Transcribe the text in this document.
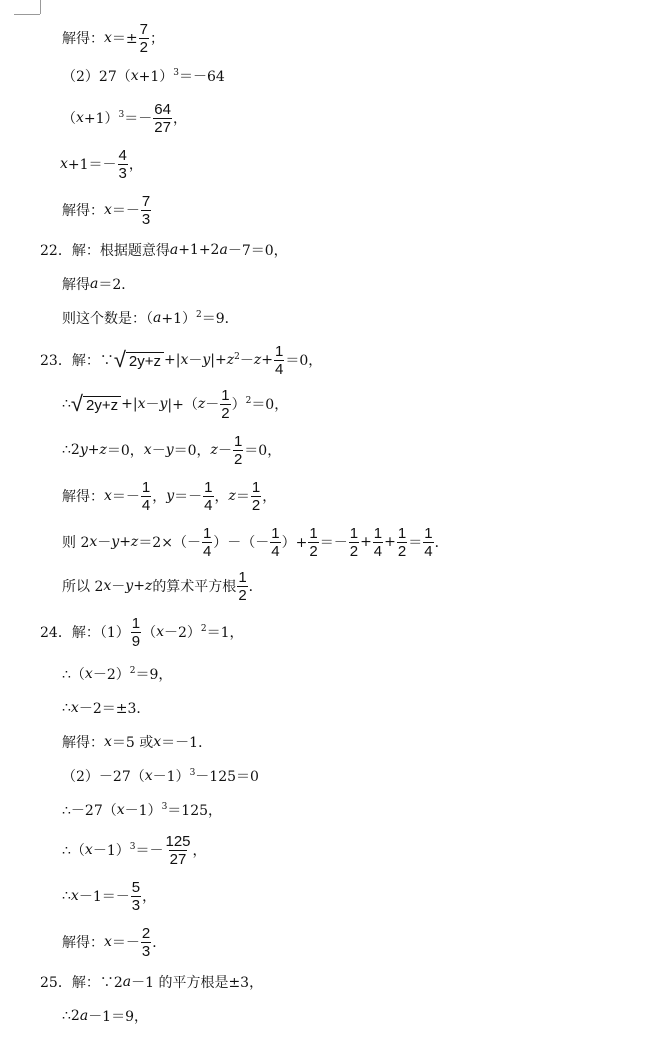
解得： $x =\pm \frac{7}{2}$ ；
（2）27（ x +1）$^3$ ＝－64
（ $x +1)^3 =- \frac{64}{27}$ ，
$x +1=- \frac{4}{3}$ ，
解得： $x =- \frac{7}{3}$
22．解：根据题意得 a +1+2 a －7＝0，
解得 a ＝2．
则这个数是：（ a +1）$^2$ ＝9．
23．解：∵ √ 2y+z +| x － y |+ $z^2 - z + \frac{1}{4} =0$，
∴ √ 2y+z +| x － y |+（ $z - \frac{1}{2} )^2 =0$，
∴2 y + z ＝0， x － y ＝0， $z - \frac{1}{2} =0$，
解得： $x =- \frac{1}{4}$ ， $y =- \frac{1}{4}$ ， $z = \frac{1}{2}$ ，
则 2 $x - y + z =2\times(- \frac{1}{4}$ ）－（－ $\frac{1}{4}$ ）+ $\frac{1}{2} =- \frac{1}{2} + \frac{1}{4} + \frac{1}{2} = \frac{1}{4}$ ．
所以 2 x － y + z 的算术平方根 $\frac{1}{2}$ ．
24．解：$(1) \frac{1}{9}$ （ x －2）$^2$ ＝1，
∴（ x －2）$^2$ ＝9，
∴ x －2＝±3．
解得： x ＝5 或 x ＝－1．
（2）－27（ x －1）$^3$ －125＝0
∴－27（ x －1）$^3$ ＝125，
∴（ $x -1)^3 =- \frac{125}{27}$ ，
∴ $x -1=- \frac{5}{3}$ ，
解得： $x =- \frac{2}{3}$ ．
25．解：∵2 a －1 的平方根是±3，
∴2 a －1＝9，
